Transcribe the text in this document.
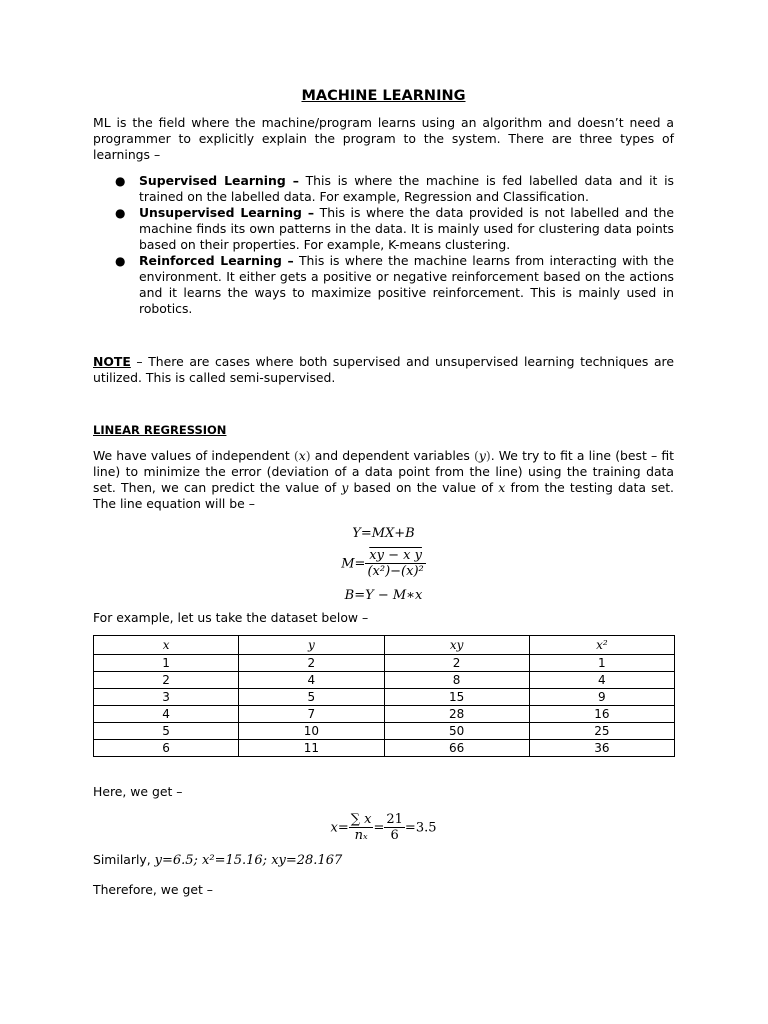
MACHINE LEARNING

ML is the field where the machine/program learns using an algorithm and doesn’t need a programmer to explicitly explain the program to the system. There are three types of learnings –

● Supervised Learning – This is where the machine is fed labelled data and it is trained on the labelled data. For example, Regression and Classification.
● Unsupervised Learning – This is where the data provided is not labelled and the machine finds its own patterns in the data. It is mainly used for clustering data points based on their properties. For example, K-means clustering.
● Reinforced Learning – This is where the machine learns from interacting with the environment. It either gets a positive or negative reinforcement based on the actions and it learns the ways to maximize positive reinforcement. This is mainly used in robotics.

NOTE – There are cases where both supervised and unsupervised learning techniques are utilized. This is called semi-supervised.

LINEAR REGRESSION

We have values of independent (x) and dependent variables (y). We try to fit a line (best – fit line) to minimize the error (deviation of a data point from the line) using the training data set. Then, we can predict the value of y based on the value of x from the testing data set. The line equation will be –

Y=MX+B
$M= \frac{\text{xy − x y}}{\text{(x²)−(x)²}}$
B=Y − M∗x

For example, let us take the dataset below –

x	y	xy	x²
1	2	2	1
2	4	8	4
3	5	15	9
4	7	28	16
5	10	50	25
6	11	66	36

Here, we get –

$x= \frac{\sum x}{\text{nₓ}} = \frac{21}{6} =3.5$

Similarly, y=6.5; x²=15.16; xy=28.167

Therefore, we get –
